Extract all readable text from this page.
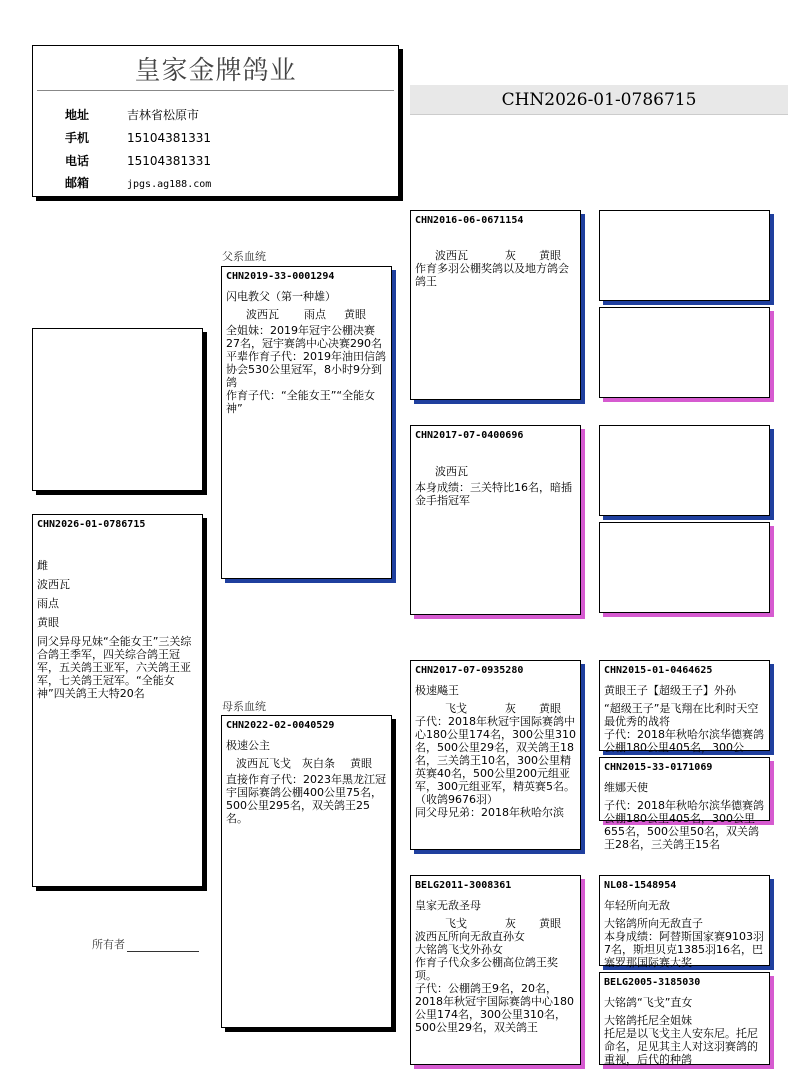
皇家金牌鸽业
地址	吉林省松原市
手机	15104381331
电话	15104381331
邮箱	jpgs.ag188.com
CHN2026-01-0786715
CHN2026-01-0786715
雌
波西瓦
雨点
黄眼
同父异母兄妹“全能女王”三关综合鸽王季军，四关综合鸽王冠军，五关鸽王亚军，六关鸽王亚军，七关鸽王冠军。“全能女神”四关鸽王大特20名
父系血统
母系血统
CHN2019-33-0001294
闪电教父（第一种雄）
波西瓦 雨点 黄眼
全姐妹：2019年冠宇公棚决赛27名，冠宇赛鸽中心决赛290名
平辈作育子代：2019年油田信鸽协会530公里冠军，8小时9分到鸽
作育子代：“全能女王”“全能女神”
CHN2022-02-0040529
极速公主
波西瓦飞戈 灰白条 黄眼
直接作育子代：2023年黑龙江冠宇国际赛鸽公棚400公里75名，500公里295名，双关鸽王25名。
CHN2016-06-0671154
波西瓦	灰 黄眼
作育多羽公棚奖鸽以及地方鸽会鸽王
CHN2017-07-0400696
波西瓦
本身成绩：三关特比16名，暗插金手指冠军
CHN2017-07-0935280
极速飚王
飞戈	灰 黄眼
子代：2018年秋冠宇国际赛鸽中心180公里174名，300公里310名，500公里29名，双关鸽王18名，三关鸽王10名，300公里精英赛40名，500公里200元组亚军，300元组亚军，精英赛5名。（收鸽9676羽）
同父母兄弟：2018年秋哈尔滨
BELG2011-3008361
皇家无敌圣母
飞戈	灰 黄眼
波西瓦所向无敌直孙女
大铭鸽飞戈外孙女
作育子代众多公棚高位鸽王奖项。
子代：公棚鸽王9名，20名，2018年秋冠宇国际赛鸽中心180公里174名，300公里310名，500公里29名，双关鸽王
CHN2015-01-0464625
黄眼王子【超级王子】外孙
“超级王子”是飞翔在比利时天空最优秀的战将
子代：2018年秋哈尔滨华德赛鸽公棚180公里405名，300公
CHN2015-33-0171069
维娜天使
子代：2018年秋哈尔滨华德赛鸽公棚180公里405名，300公里655名，500公里50名，双关鸽王28名，三关鸽王15名
NL08-1548954
年轻所向无敌
大铭鸽所向无敌直子
本身成绩：阿替斯国家赛9103羽7名，斯坦贝克1385羽16名，巴塞罗那国际赛大奖
BELG2005-3185030
大铭鸽“飞戈”直女
大铭鸽托尼全姐妹
托尼是以飞戈主人安东尼。托尼命名，足见其主人对这羽赛鸽的重视，后代的种鸽
所有者
